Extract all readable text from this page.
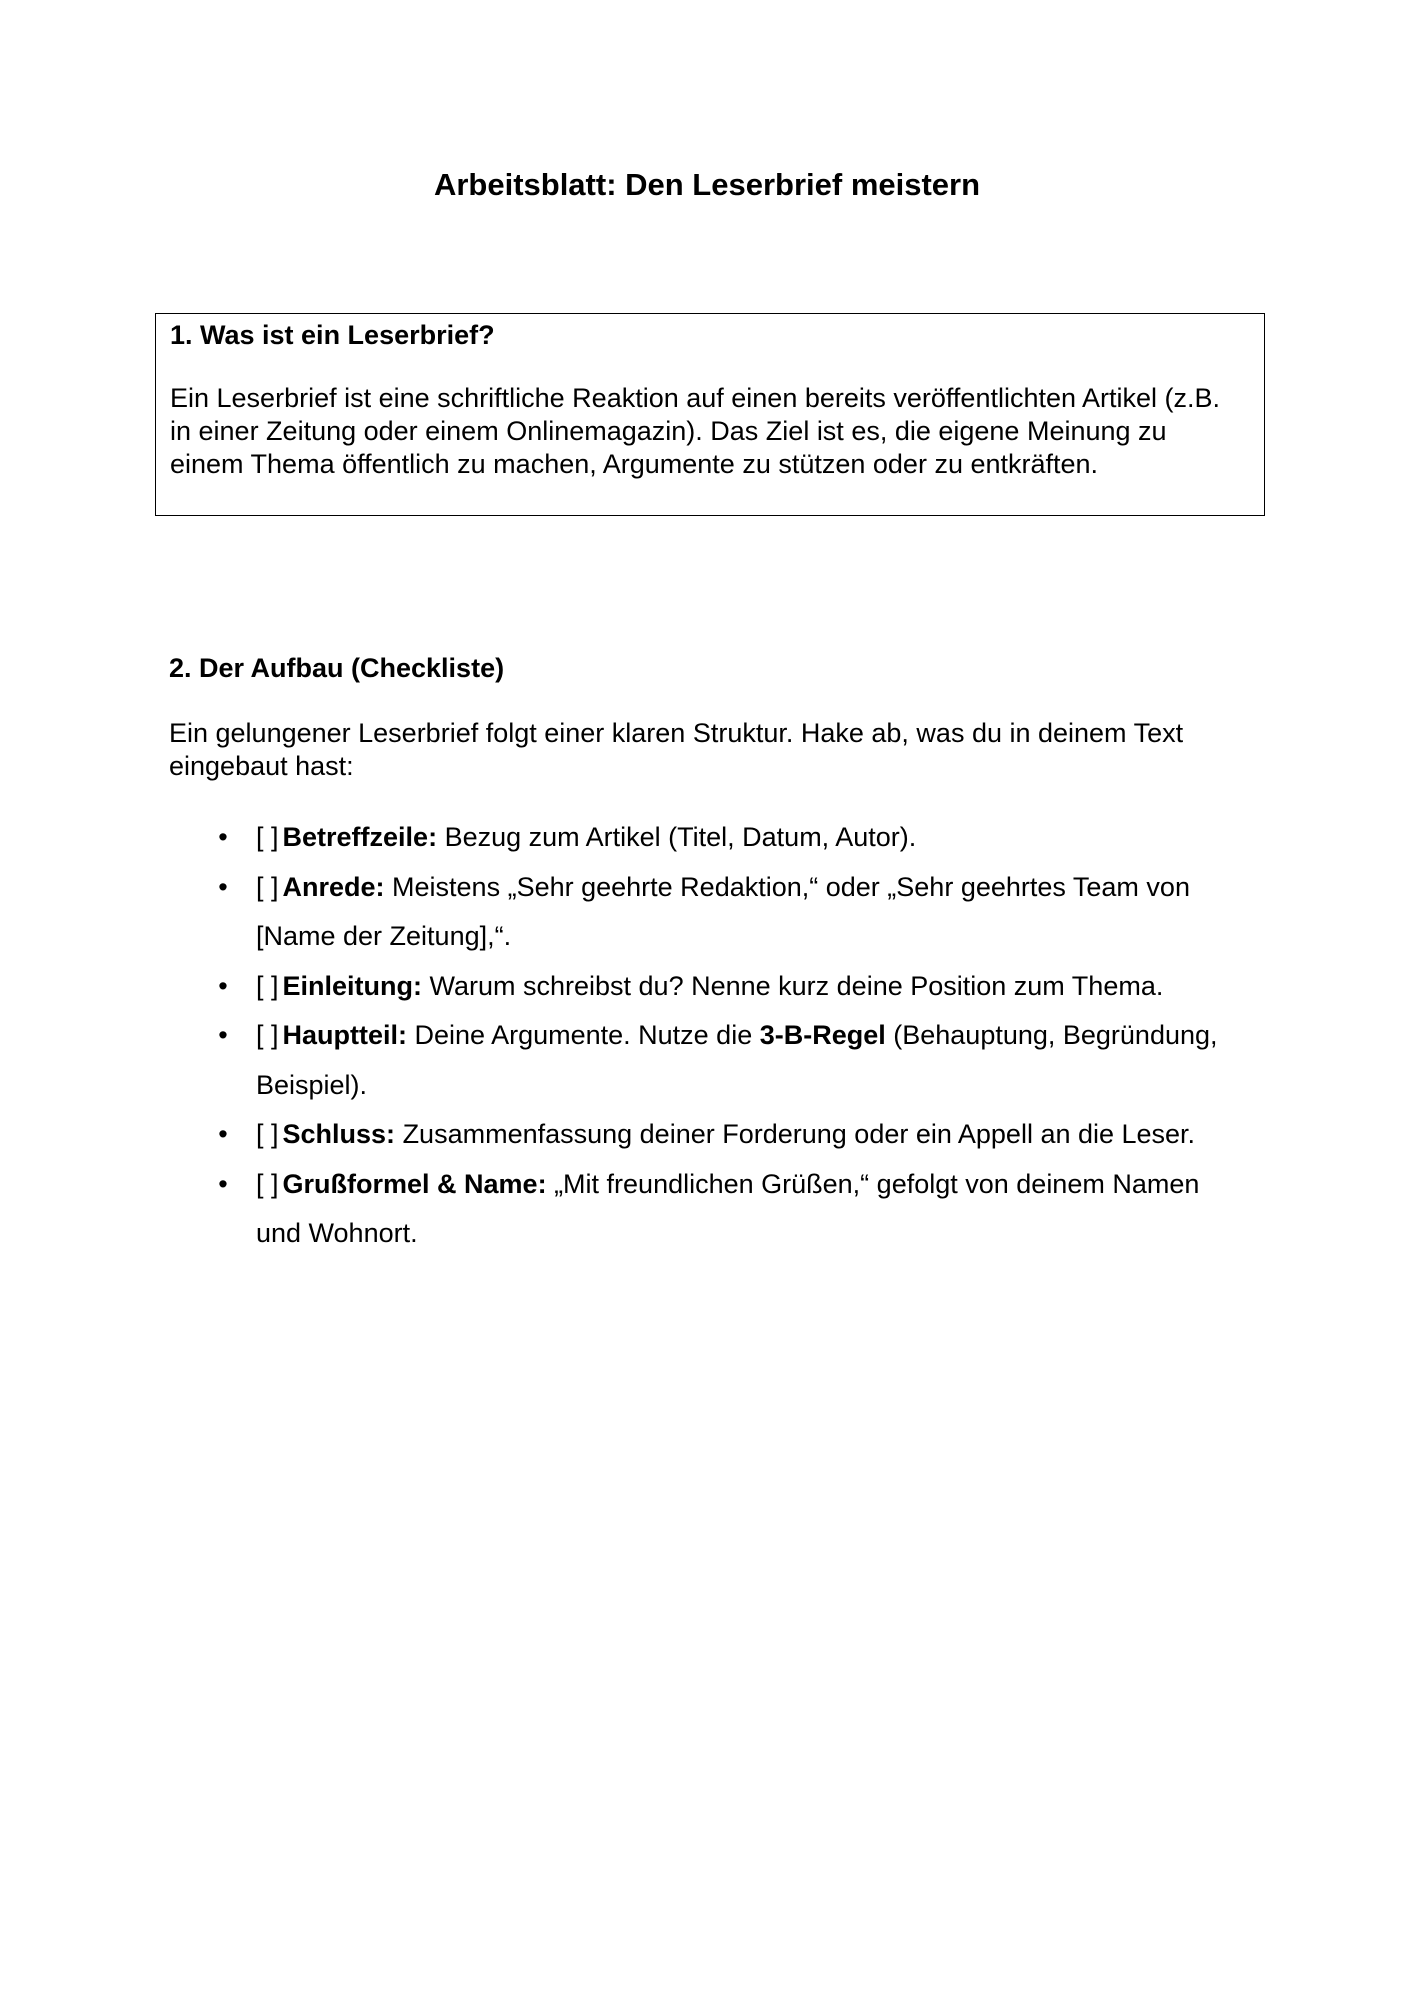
Arbeitsblatt: Den Leserbrief meistern

1. Was ist ein Leserbrief?

Ein Leserbrief ist eine schriftliche Reaktion auf einen bereits veröffentlichten Artikel (z.B. in einer Zeitung oder einem Onlinemagazin). Das Ziel ist es, die eigene Meinung zu einem Thema öffentlich zu machen, Argumente zu stützen oder zu entkräften.

2. Der Aufbau (Checkliste)

Ein gelungener Leserbrief folgt einer klaren Struktur. Hake ab, was du in deinem Text eingebaut hast:

• [ ] Betreffzeile: Bezug zum Artikel (Titel, Datum, Autor).
• [ ] Anrede: Meistens „Sehr geehrte Redaktion,“ oder „Sehr geehrtes Team von [Name der Zeitung],“.
• [ ] Einleitung: Warum schreibst du? Nenne kurz deine Position zum Thema.
• [ ] Hauptteil: Deine Argumente. Nutze die 3-B-Regel (Behauptung, Begründung, Beispiel).
• [ ] Schluss: Zusammenfassung deiner Forderung oder ein Appell an die Leser.
• [ ] Grußformel & Name: „Mit freundlichen Grüßen,“ gefolgt von deinem Namen und Wohnort.
